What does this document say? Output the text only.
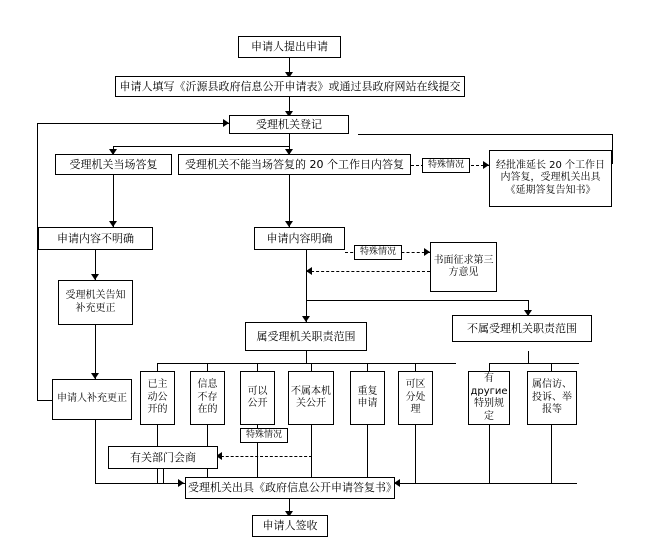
申请人提出申请
申请人填写《沂源县政府信息公开申请表》或通过县政府网站在线提交
受理机关登记
受理机关当场答复	受理机关不能当场答复的 20 个工作日内答复	经批准延长 20 个工作日内答复，受理机关出具《延期答复告知书》
申请内容不明确	申请内容明确
书面征求第三方意见
受理机关告知补充更正
申请人补充更正
属受理机关职责范围
不属受理机关职责范围
已主动公开的
信息不存在的
可以公开
不属本机关公开
重复申请
可区分处理
有другие特别规定
属信访、投诉、举报等
有关部门会商
受理机关出具《政府信息公开申请答复书》
申请人签收
特殊情况
特殊情况
特殊情况
